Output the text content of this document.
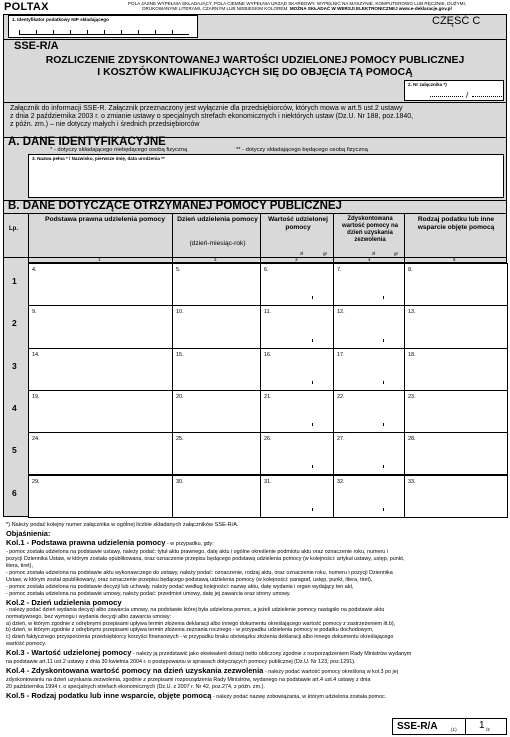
POLTAX	POLA JASNE WYPEŁNIA SKŁADAJĄCY, POLA CIEMNE WYPEŁNIA URZĄD SKARBOWY. WYPEŁNIĆ NA MASZYNIE, KOMPUTEROWO LUB RĘCZNIE, DUŻYMI,
DRUKOWANYMI LITERAMI, CZARNYM LUB NIEBIESKIM KOLOREM. MOŻNA SKŁADAĆ W WERSJI ELEKTRONICZNEJ www.e-deklaracje.gov.pl
1. Identyfikator podatkowy NIP składającego	CZĘŚĆ C
SSE-R/A
ROZLICZENIE ZDYSKONTOWANEJ WARTOŚCI UDZIELONEJ POMOCY PUBLICZNEJ
I KOSZTÓW KWALIFIKUJĄCYCH SIĘ DO OBJĘCIA TĄ POMOCĄ
2. Nr załącznika *)
/
Załącznik do informacji SSE-R. Załącznik przeznaczony jest wyłącznie dla przedsiębiorców, których mowa w art.5 ust.2 ustawy
z dnia 2 października 2003 r. o zmianie ustawy o specjalnych strefach ekonomicznych i niektórych ustaw (Dz.U. Nr 188, poz.1840,
z późn. zm.) – nie dotyczy małych i średnich przedsiębiorców
A. DANE IDENTYFIKACYJNE
* - dotyczy składającego niebędącego osobą fizyczną	** - dotyczy składającego będącego osobą fizyczną
3. Nazwa pełna * / Nazwisko, pierwsze imię, data urodzenia **
B. DANE DOTYCZĄCE OTRZYMANEJ POMOCY PUBLICZNEJ
Lp.
Podstawa prawna udzielenia pomocy	Dzień udzielenia pomocy
(dzień-miesiąc-rok)
Wartość udzielonej pomocy
Zdyskontowana wartość pomocy na dzień uzyskania zezwolenia
Rodzaj podatku lub inne wsparcie objęte pomocą
zł	gr	zł	gr
1	2	3	4	5
1
4.	5.	6.	7.	8.
2
9.	10.	11.	12.	13.
3
14.	15.	16.	17.	18.
4
19.	20.	21.	22.	23.
5
24.	25.	26.	27.	28.
6
29.	30.	31.	32.	33.
*) Należy podać kolejny numer załącznika w ogólnej liczbie składanych załączników SSE-R/A.

Objaśnienia:

Kol.1 - Podstawa prawna udzielenia pomocy - w przypadku, gdy:

- pomoc została udzielona na podstawie ustawy, należy podać: tytuł aktu prawnego, datę aktu i ogólne określenie podmiotu aktu oraz oznaczenie roku, numeru i

pozycji Dziennika Ustaw, w którym została opublikowana, oraz oznaczenie przepisu będącego podstawą udzielenia pomocy (w kolejności: artykuł ustawy, ustęp, punkt,

litera, tiret),

- pomoc została udzielona na podstawie aktu wykonawczego do ustawy, należy podać: oznaczenie, rodzaj aktu, oraz oznaczenie roku, numeru i pozycji Dziennika

Ustaw, w którym został opublikowany, oraz oznaczenie przepisu będącego podstawą udzielenia pomocy (w kolejności: paragraf, ustęp, punkt, litera, tiret),

- pomoc została udzielona na podstawie decyzji lub uchwały, należy podać według kolejności: nazwę aktu, datę wydania i organ wydający ten akt,

- pomoc została udzielona na podstawie umowy, należy podać: przedmiot umowy, datę jej zawarcia oraz strony umowy.

Kol.2 - Dzień udzielenia pomocy

- należy podać dzień wydania decyzji albo zawarcia umowy, na podstawie której była udzielona pomoc, a jeżeli udzielenie pomocy nastąpiło na podstawie aktu

normatywnego, bez wymogu i wydania decyzji albo zawarcia umowy:

a) dzień, w którym zgodnie z odrębnymi przepisami upływa termin złożenia deklaracji albo innego dokumentu określającego wartość pomocy z zastrzeżeniem lit.b),

b) dzień, w którym zgodnie z odrębnymi przepisami upływa termin złożenia zeznania rocznego - w przypadku udzielenia pomocy w podatku dochodowym,

c) dzień faktycznego przysporzenia przedsiębiorcy korzyści finansowych - w przypadku braku obowiązku złożenia deklaracji albo innego dokumentu określającego

wartość pomocy.

Kol.3 - Wartość udzielonej pomocy - należy ją przedstawić jako ekwiwalent dotacji netto obliczony zgodnie z rozporządzeniem Rady Ministrów wydanym

na podstawie art.11 ust.2 ustawy z dnia 30 kwietnia 2004 r. o postępowaniu w sprawach dotyczących pomocy publicznej (Dz.U. Nr 123, poz.1291).

Kol.4 - Zdyskontowana wartość pomocy na dzień uzyskania zezwolenia - należy podać wartość pomocy określoną w kol.3 po jej

zdyskontowaniu na dzień uzyskania zezwolenia, zgodnie z przepisami rozporządzenia Rady Ministrów, wydanego na podstawie art.4 ust.4 ustawy z dnia

20 października 1994 r. o specjalnych strefach ekonomicznych (Dz.U. z 2007 r. Nr 42, poz.274, z późn. zm.).

Kol.5 - Rodzaj podatku lub inne wsparcie, objęte pomocą - należy podać nazwę zobowiązania, w którym udzielona została pomoc.

SSE-R/A	(1) 1 /2
